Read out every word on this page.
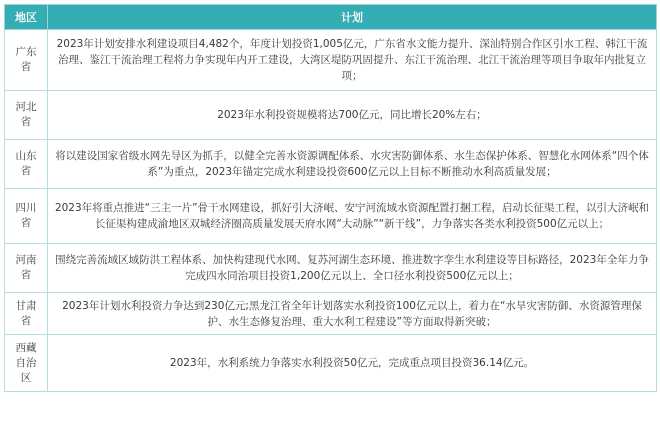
地区	计划
广东省	2023年计划安排水利建设项目4,482个，年度计划投资1,005亿元，广东省水文能力提升、深汕特别合作区引水工程、韩江干流治理、鉴江干流治理工程将力争实现年内开工建设，大湾区堤防巩固提升、东江干流治理、北江干流治理等项目争取年内批复立项；
河北省	2023年水利投资规模将达700亿元，同比增长20%左右；
山东省	将以建设国家省级水网先导区为抓手，以健全完善水资源调配体系、水灾害防御体系、水生态保护体系、智慧化水网体系“四个体系”为重点，2023年锚定完成水利建设投资600亿元以上目标不断推动水利高质量发展；
四川省	2023年将重点推进“三主一片”骨干水网建设，抓好引大济岷、安宁河流域水资源配置打捆工程，启动长征渠工程，以引大济岷和长征渠构建成渝地区双城经济圈高质量发展天府水网“大动脉”“新干线”，力争落实各类水利投资500亿元以上；
河南省	围绕完善流域区域防洪工程体系、加快构建现代水网、复苏河湖生态环境、推进数字孪生水利建设等目标路径，2023年全年力争完成四水同治项目投资1,200亿元以上、全口径水利投资500亿元以上；
甘肃省	2023年计划水利投资力争达到230亿元;黑龙江省全年计划落实水利投资100亿元以上，着力在“水旱灾害防御、水资源管理保护、水生态修复治理、重大水利工程建设”等方面取得新突破；
西藏自治区	2023年，水利系统力争落实水利投资50亿元，完成重点项目投资36.14亿元。
